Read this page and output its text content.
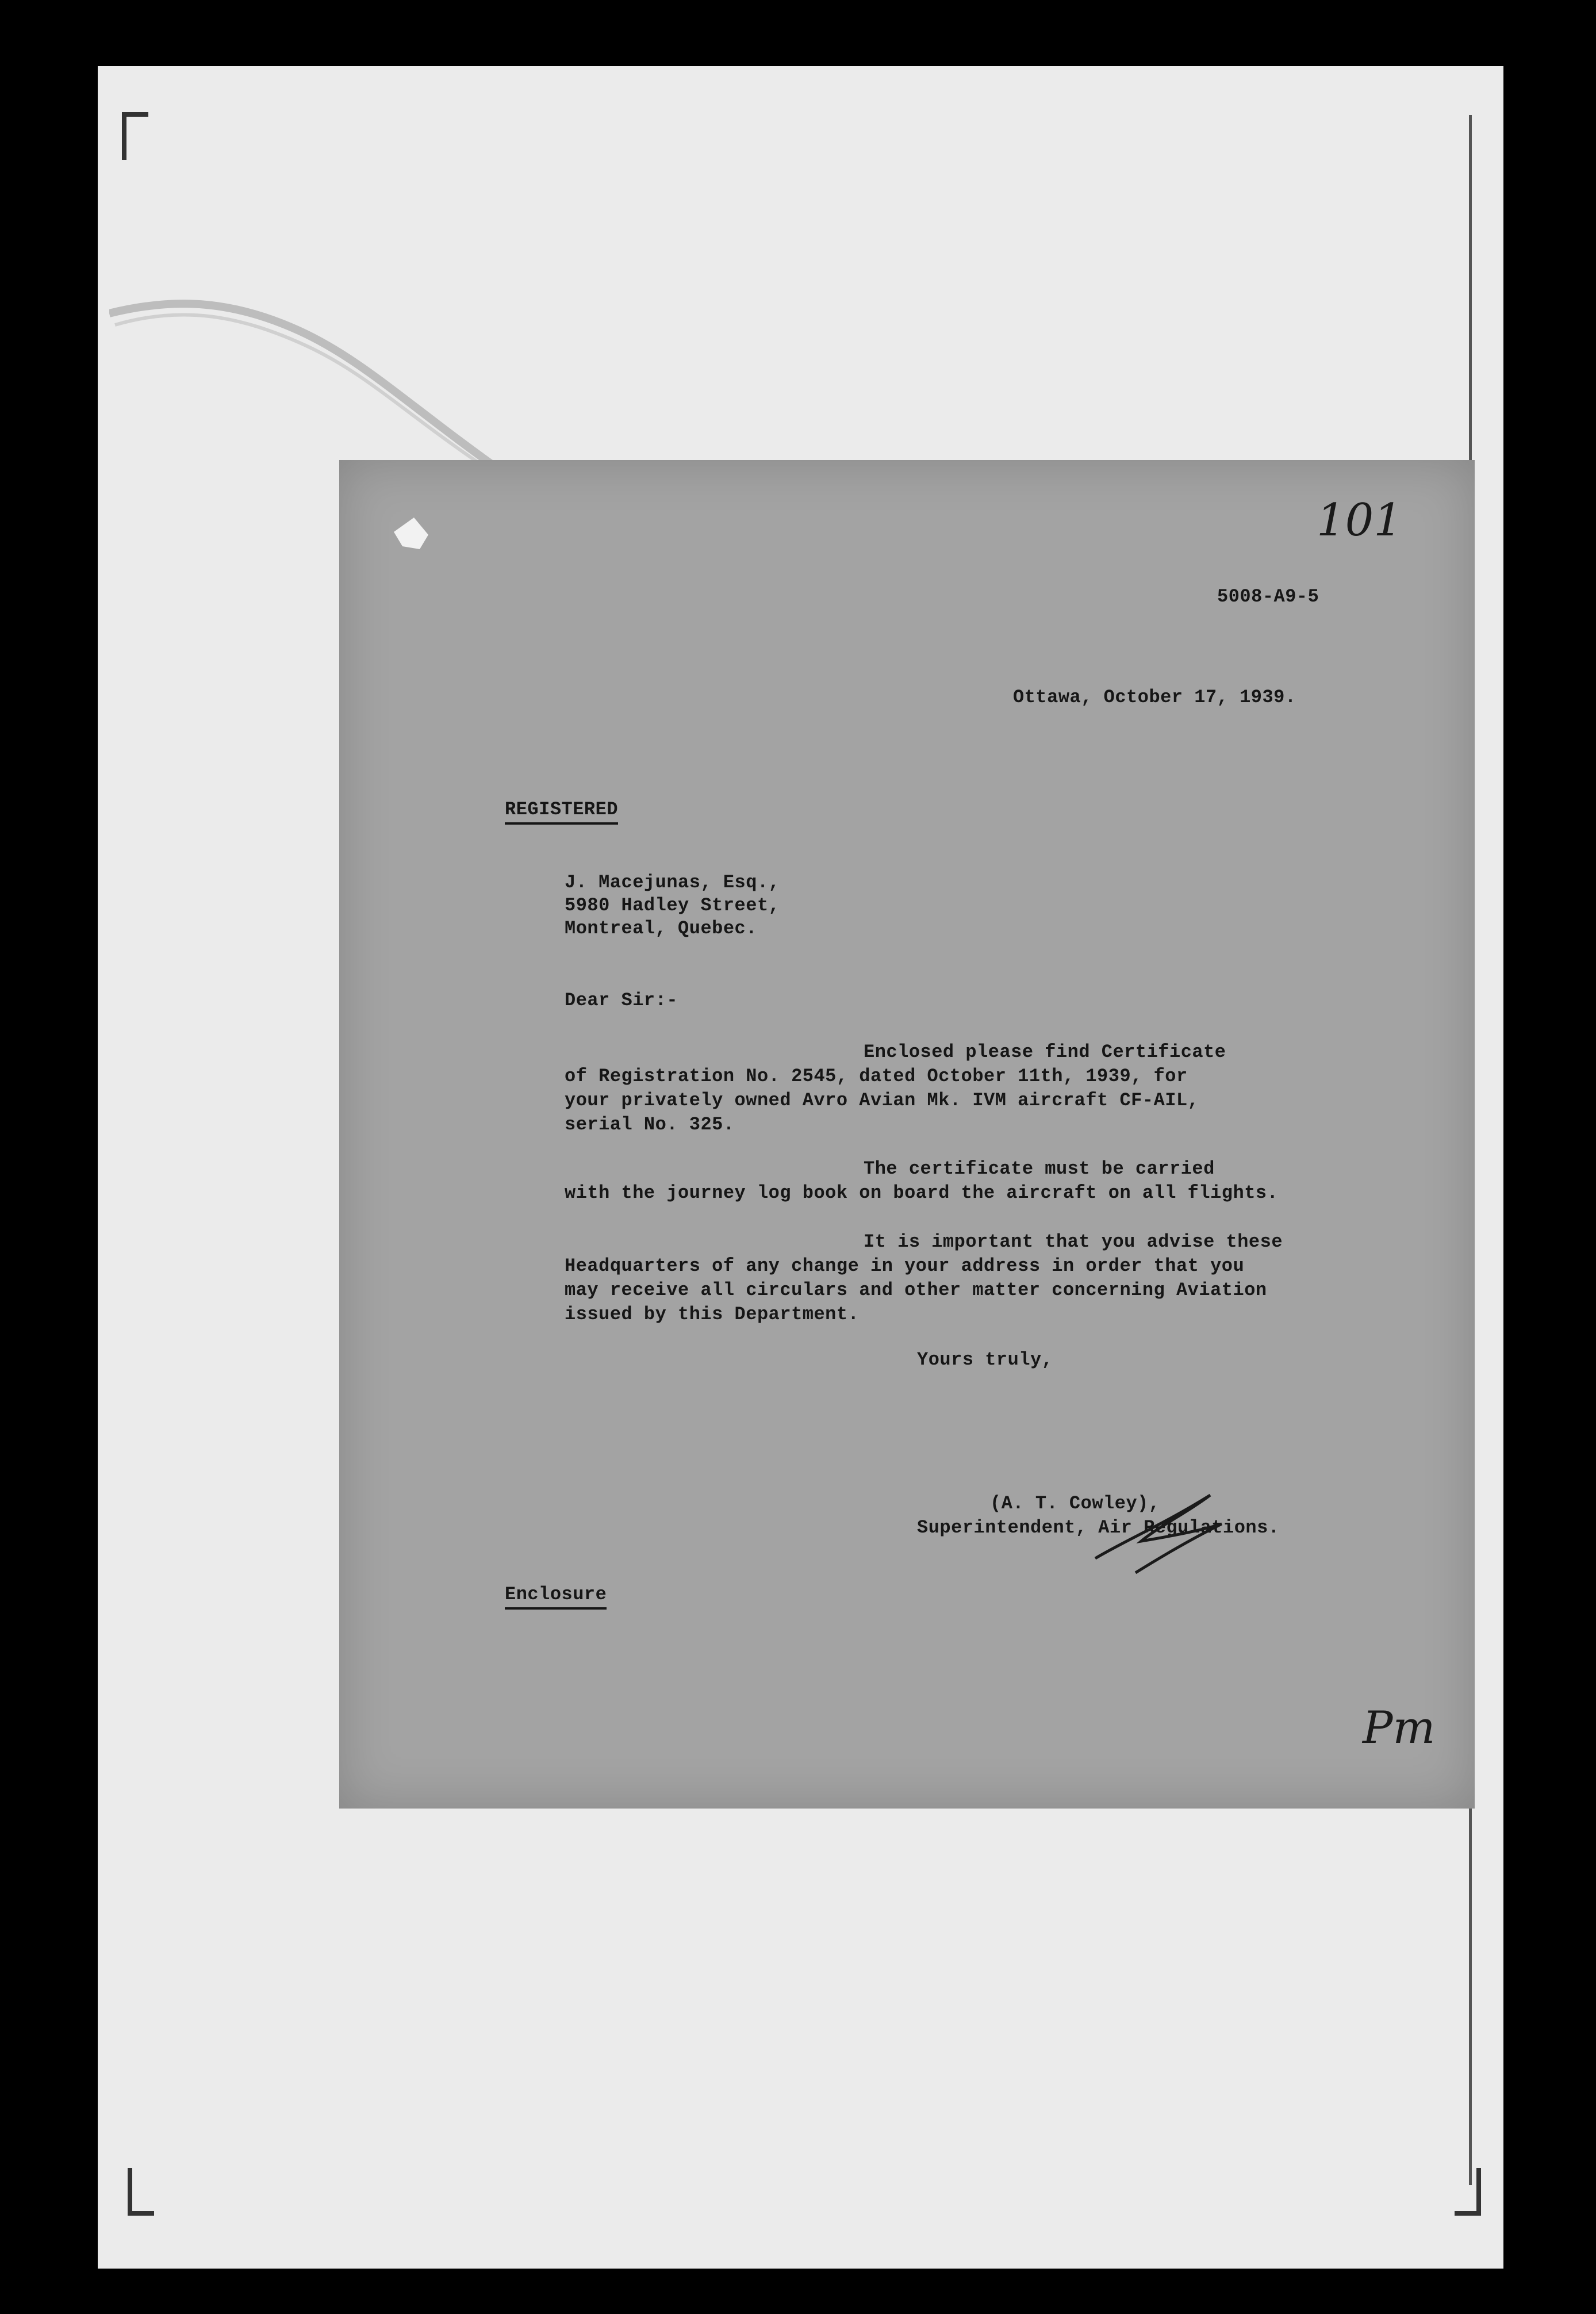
101
5008-A9-5
Ottawa, October 17, 1939.
REGISTERED
J. Macejunas, Esq.,
5980 Hadley Street,
Montreal, Quebec.
Dear Sir:-
Enclosed please find Certificate
of Registration No. 2545, dated October 11th, 1939, for
your privately owned Avro Avian Mk. IVM aircraft CF-AIL,
serial No. 325.
The certificate must be carried
with the journey log book on board the aircraft on all flights.
It is important that you advise these
Headquarters of any change in your address in order that you
may receive all circulars and other matter concerning Aviation
issued by this Department.
Yours truly,
(A. T. Cowley),
Superintendent, Air Regulations.
Enclosure
Pm
